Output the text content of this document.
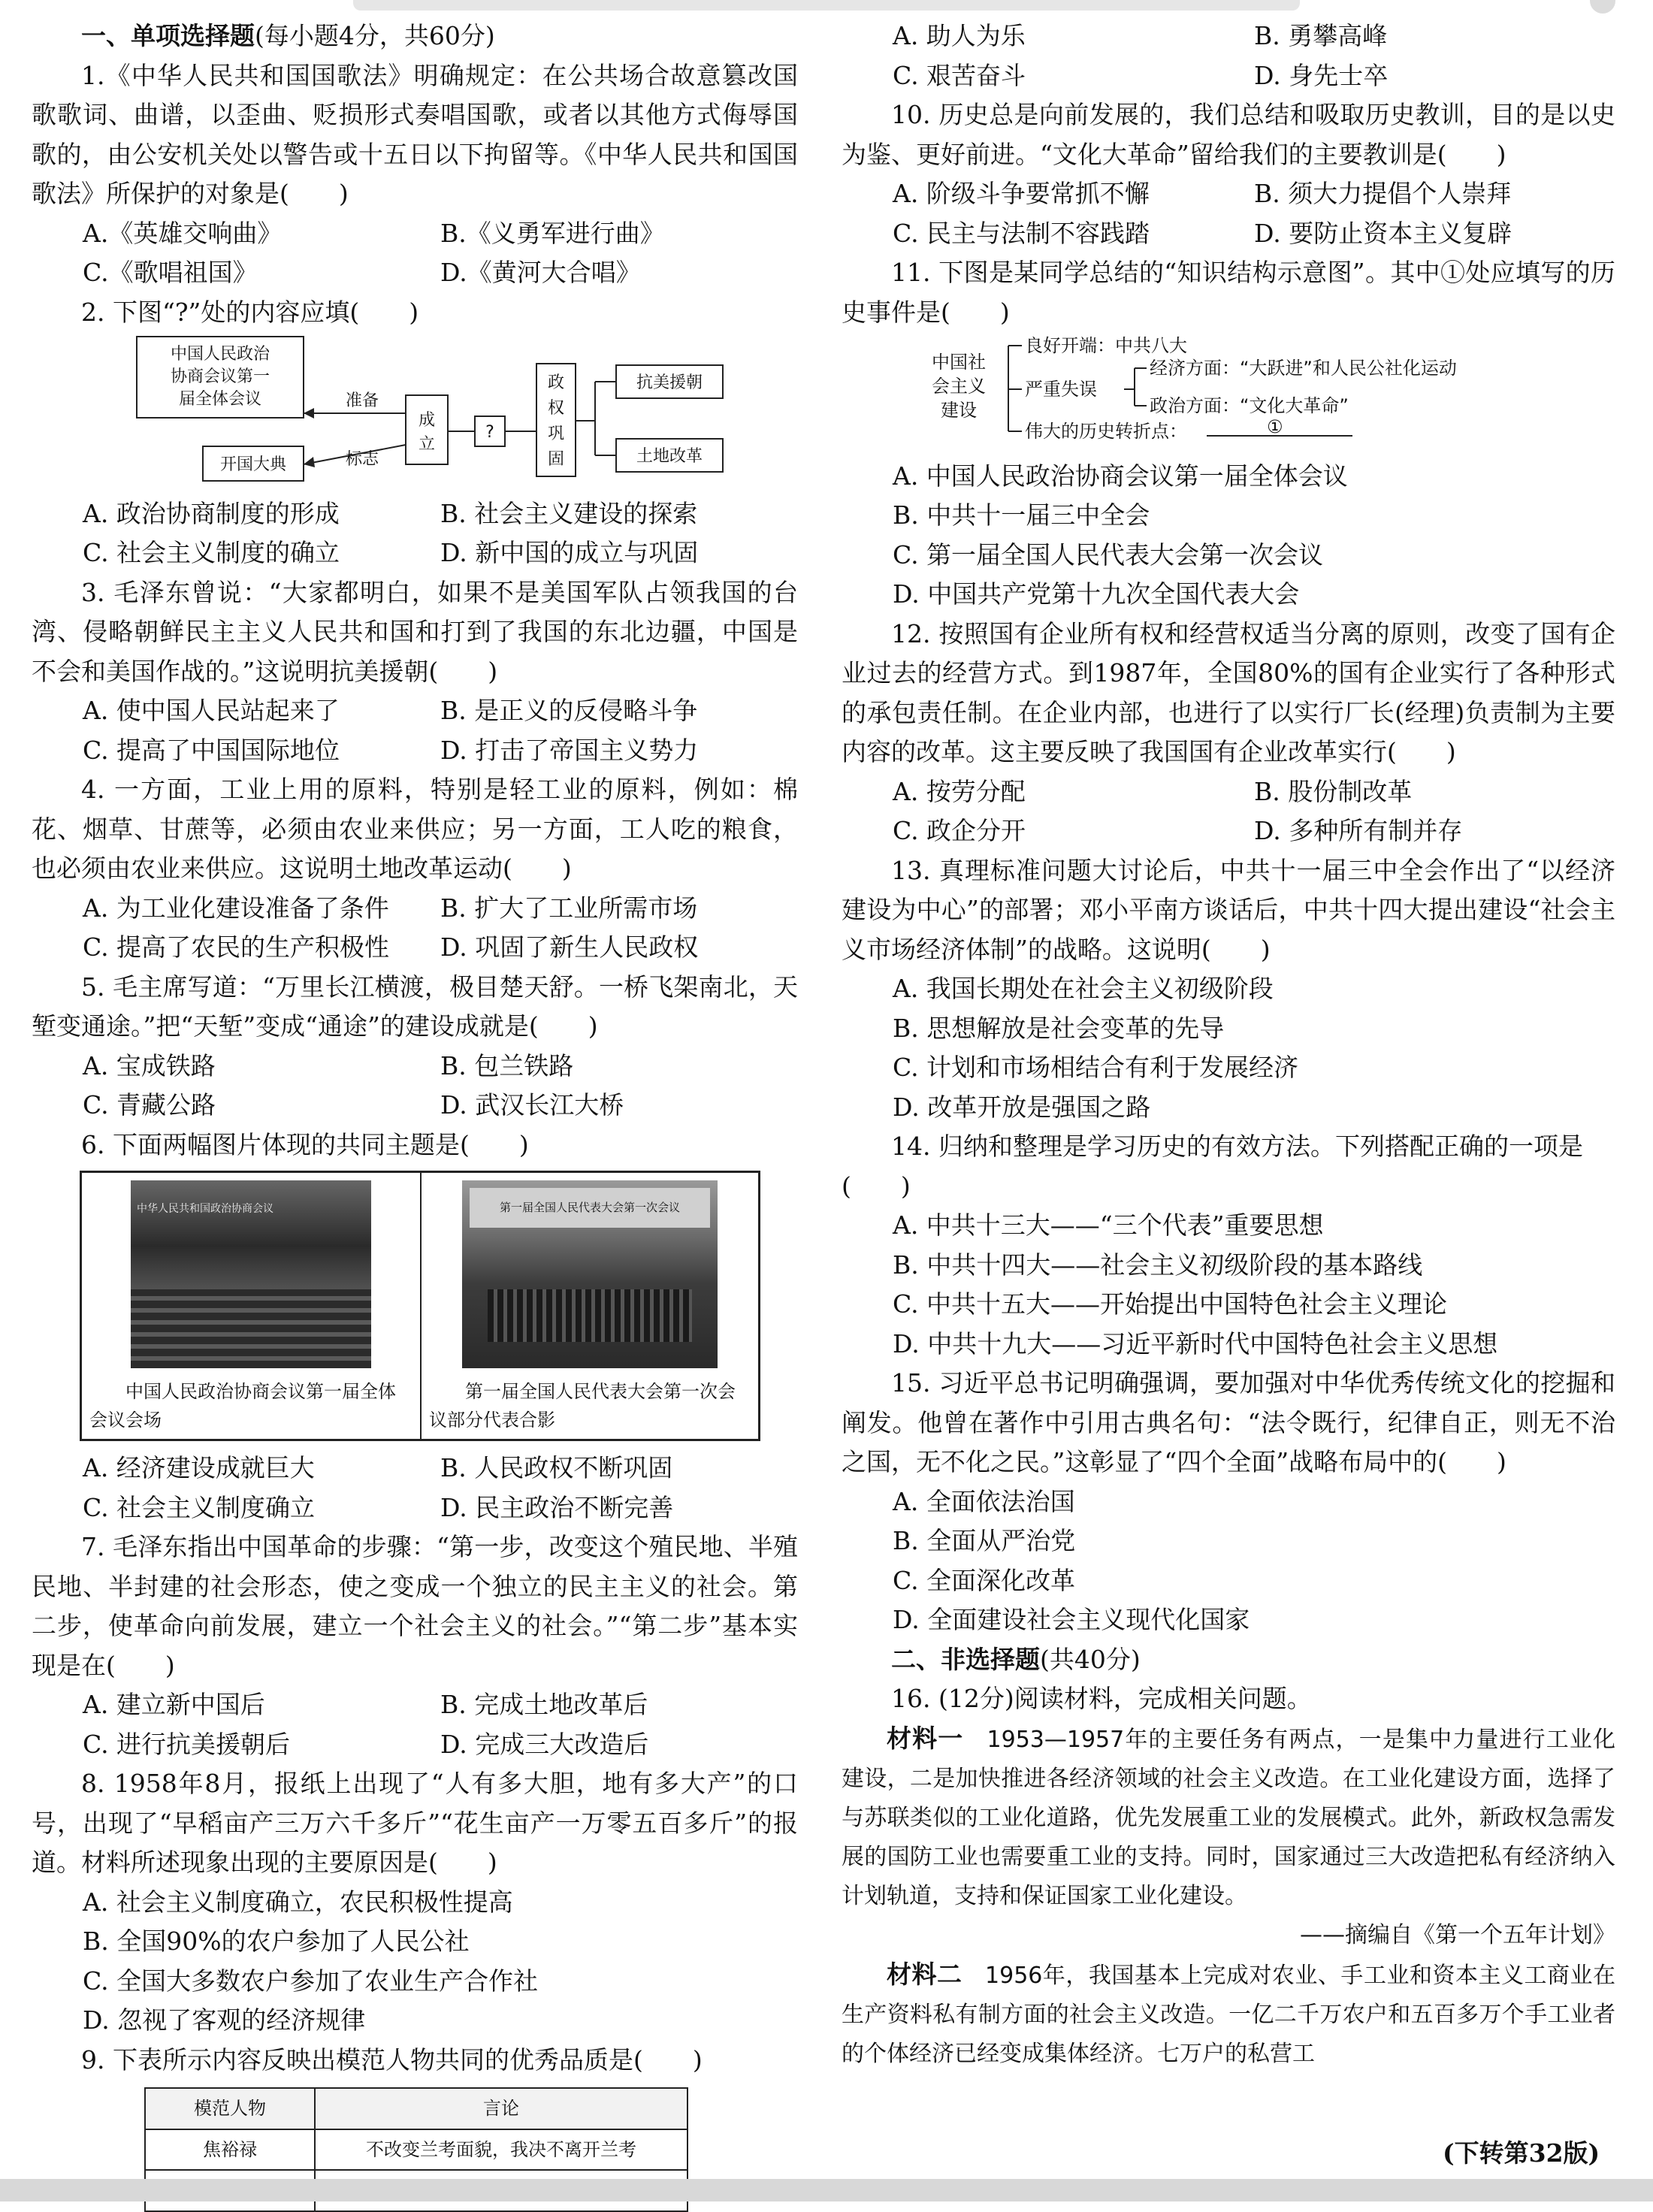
一、单项选择题(每小题4分，共60分)

1.《中华人民共和国国歌法》明确规定：在公共场合故意篡改国歌歌词、曲谱，以歪曲、贬损形式奏唱国歌，或者以其他方式侮辱国歌的，由公安机关处以警告或十五日以下拘留等。《中华人民共和国国歌法》所保护的对象是(　　)

A.《英雄交响曲》	B.《义勇军进行曲》
C.《歌唱祖国》	D.《黄河大合唱》

2. 下图“?”处的内容应填(　　)

中国人民政治
协商会议第一
届全体会议	准备
标志
开国大典
成
立
?
政
权
巩
固
抗美援朝
土地改革
A. 政治协商制度的形成	B. 社会主义建设的探索
C. 社会主义制度的确立	D. 新中国的成立与巩固

3. 毛泽东曾说：“大家都明白，如果不是美国军队占领我国的台湾、侵略朝鲜民主主义人民共和国和打到了我国的东北边疆，中国是不会和美国作战的。”这说明抗美援朝(　　)

A. 使中国人民站起来了	B. 是正义的反侵略斗争
C. 提高了中国国际地位	D. 打击了帝国主义势力

4. 一方面，工业上用的原料，特别是轻工业的原料，例如：棉花、烟草、甘蔗等，必须由农业来供应；另一方面，工人吃的粮食，也必须由农业来供应。这说明土地改革运动(　　)

A. 为工业化建设准备了条件	B. 扩大了工业所需市场
C. 提高了农民的生产积极性	D. 巩固了新生人民政权

5. 毛主席写道：“万里长江横渡，极目楚天舒。一桥飞架南北，天堑变通途。”把“天堑”变成“通途”的建设成就是(　　)

A. 宝成铁路	B. 包兰铁路
C. 青藏公路	D. 武汉长江大桥

6. 下面两幅图片体现的共同主题是(　　)

中华人民共和国政治协商会议
中国人民政治协商会议第一届全体会议会场
第一届全国人民代表大会第一次会议
第一届全国人民代表大会第一次会议部分代表合影
A. 经济建设成就巨大	B. 人民政权不断巩固
C. 社会主义制度确立	D. 民主政治不断完善

7. 毛泽东指出中国革命的步骤：“第一步，改变这个殖民地、半殖民地、半封建的社会形态，使之变成一个独立的民主主义的社会。第二步，使革命向前发展，建立一个社会主义的社会。”“第二步”基本实现是在(　　)

A. 建立新中国后	B. 完成土地改革后
C. 进行抗美援朝后	D. 完成三大改造后

8. 1958年8月，报纸上出现了“人有多大胆，地有多大产”的口号，出现了“早稻亩产三万六千多斤”“花生亩产一万零五百多斤”的报道。材料所述现象出现的主要原因是(　　)

A. 社会主义制度确立，农民积极性提高

B. 全国90%的农户参加了人民公社

C. 全国大多数农户参加了农业生产合作社

D. 忽视了客观的经济规律

9. 下表所示内容反映出模范人物共同的优秀品质是(　　)

模范人物	言论
焦裕禄	不改变兰考面貌，我决不离开兰考

A. 助人为乐	B. 勇攀高峰
C. 艰苦奋斗	D. 身先士卒

10. 历史总是向前发展的，我们总结和吸取历史教训，目的是以史为鉴、更好前进。“文化大革命”留给我们的主要教训是(　　)

A. 阶级斗争要常抓不懈	B. 须大力提倡个人崇拜
C. 民主与法制不容践踏	D. 要防止资本主义复辟

11. 下图是某同学总结的“知识结构示意图”。其中①处应填写的历史事件是(　　)

中国社
会主义
建设
良好开端：中共八大
严重失误
经济方面：“大跃进”和人民公社化运动
政治方面：“文化大革命”
伟大的历史转折点：	①

A. 中国人民政治协商会议第一届全体会议

B. 中共十一届三中全会

C. 第一届全国人民代表大会第一次会议

D. 中国共产党第十九次全国代表大会

12. 按照国有企业所有权和经营权适当分离的原则，改变了国有企业过去的经营方式。到1987年，全国80%的国有企业实行了各种形式的承包责任制。在企业内部，也进行了以实行厂长(经理)负责制为主要内容的改革。这主要反映了我国国有企业改革实行(　　)

A. 按劳分配	B. 股份制改革
C. 政企分开	D. 多种所有制并存

13. 真理标准问题大讨论后，中共十一届三中全会作出了“以经济建设为中心”的部署；邓小平南方谈话后，中共十四大提出建设“社会主义市场经济体制”的战略。这说明(　　)

A. 我国长期处在社会主义初级阶段

B. 思想解放是社会变革的先导

C. 计划和市场相结合有利于发展经济

D. 改革开放是强国之路

14. 归纳和整理是学习历史的有效方法。下列搭配正确的一项是

(　　)

A. 中共十三大——“三个代表”重要思想

B. 中共十四大——社会主义初级阶段的基本路线

C. 中共十五大——开始提出中国特色社会主义理论

D. 中共十九大——习近平新时代中国特色社会主义思想

15. 习近平总书记明确强调，要加强对中华优秀传统文化的挖掘和阐发。他曾在著作中引用古典名句：“法令既行，纪律自正，则无不治之国，无不化之民。”这彰显了“四个全面”战略布局中的(　　)

A. 全面依法治国

B. 全面从严治党

C. 全面深化改革

D. 全面建设社会主义现代化国家

二、非选择题(共40分)

16. (12分)阅读材料，完成相关问题。

材料一　1953—1957年的主要任务有两点，一是集中力量进行工业化建设，二是加快推进各经济领域的社会主义改造。在工业化建设方面，选择了与苏联类似的工业化道路，优先发展重工业的发展模式。此外，新政权急需发展的国防工业也需要重工业的支持。同时，国家通过三大改造把私有经济纳入计划轨道，支持和保证国家工业化建设。

——摘编自《第一个五年计划》

材料二　1956年，我国基本上完成对农业、手工业和资本主义工商业在生产资料私有制方面的社会主义改造。一亿二千万农户和五百多万个手工业者的个体经济已经变成集体经济。七万户的私营工

(下转第32版)
